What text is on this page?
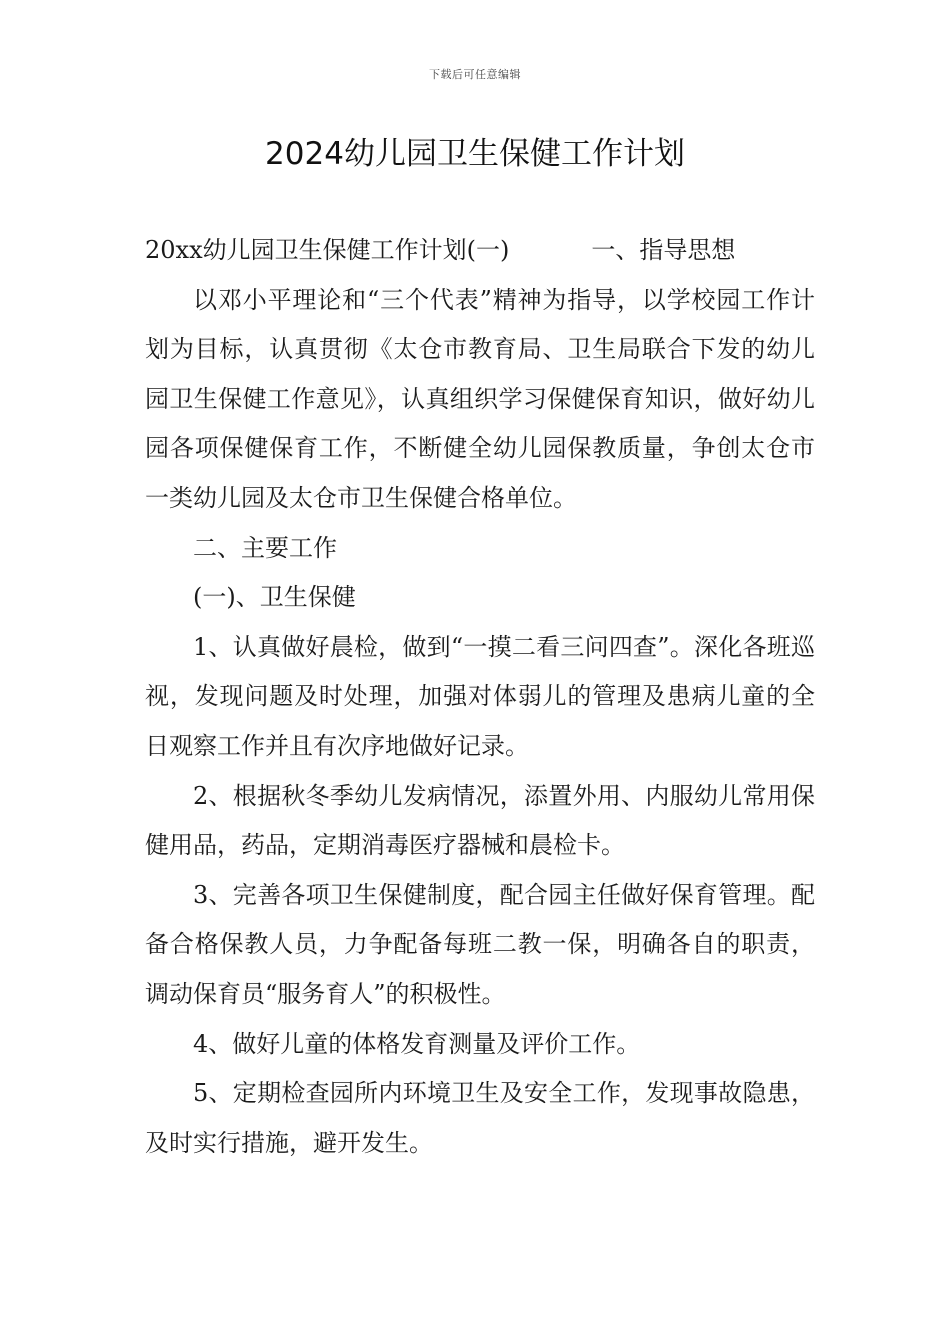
下载后可任意编辑
2024幼儿园卫生保健工作计划

20xx幼儿园卫生保健工作计划(一)	一、指导思想

以邓小平理论和“三个代表”精神为指导，以学校园工作计划为目标，认真贯彻《太仓市教育局、卫生局联合下发的幼儿园卫生保健工作意见》，认真组织学习保健保育知识，做好幼儿园各项保健保育工作，不断健全幼儿园保教质量，争创太仓市一类幼儿园及太仓市卫生保健合格单位。

二、主要工作

(一)、卫生保健

1、认真做好晨检，做到“一摸二看三问四查”。深化各班巡视，发现问题及时处理，加强对体弱儿的管理及患病儿童的全日观察工作并且有次序地做好记录。

2、根据秋冬季幼儿发病情况，添置外用、内服幼儿常用保健用品，药品，定期消毒医疗器械和晨检卡。

3、完善各项卫生保健制度，配合园主任做好保育管理。配备合格保教人员，力争配备每班二教一保，明确各自的职责，调动保育员“服务育人”的积极性。

4、做好儿童的体格发育测量及评价工作。

5、定期检查园所内环境卫生及安全工作，发现事故隐患，及时实行措施，避开发生。
